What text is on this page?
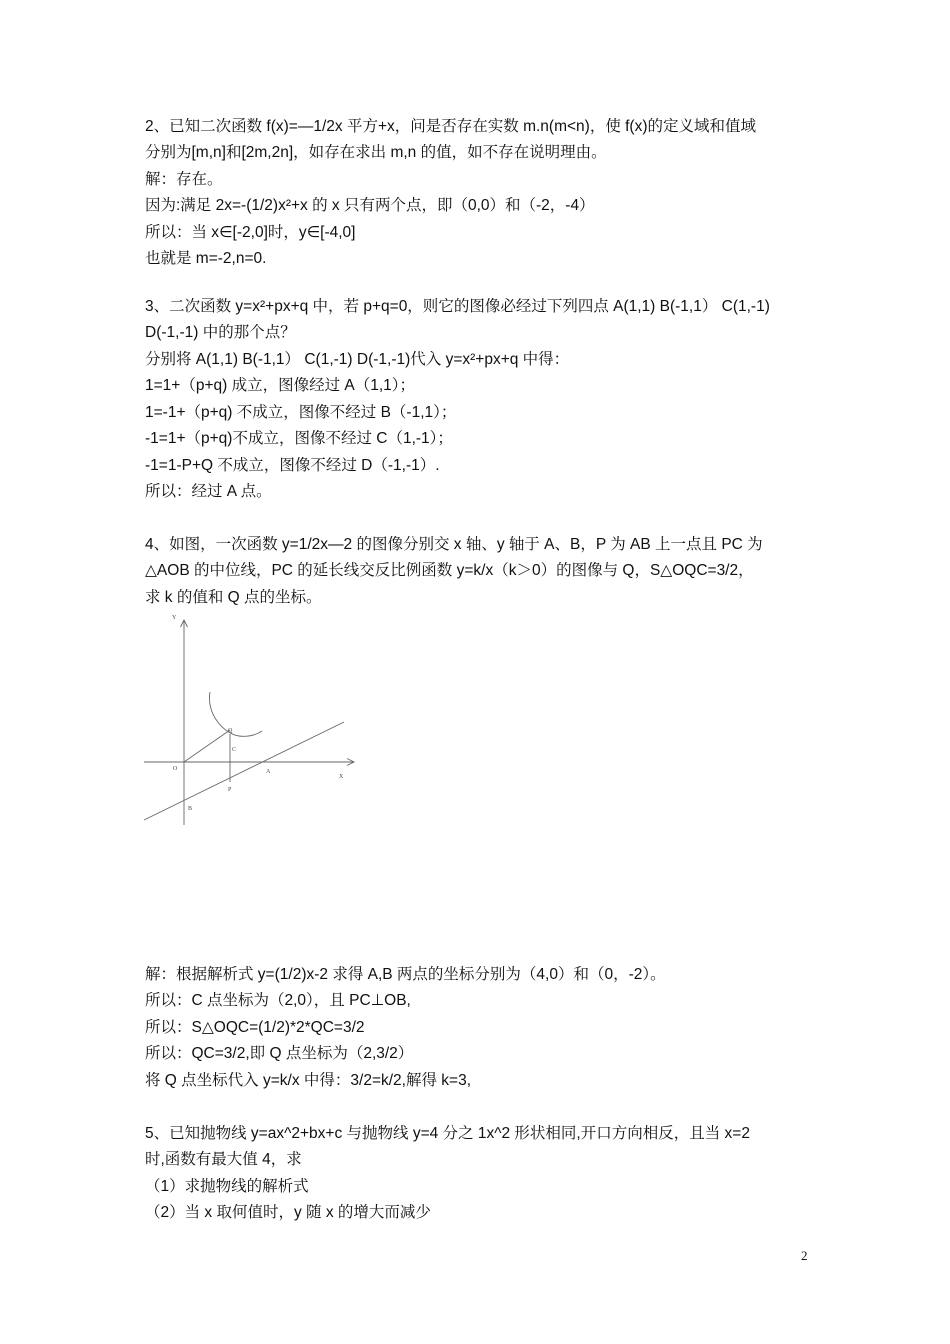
2、已知二次函数 f(x)=—1/2x 平方+x，问是否存在实数 m.n(m<n)，使 f(x)的定义域和值域
分别为[m,n]和[2m,2n]，如存在求出 m,n 的值，如不存在说明理由。
解：存在。
因为:满足 2x=-(1/2)x²+x 的 x 只有两个点，即（0,0）和（-2，-4）
所以：当 x∈[-2,0]时，y∈[-4,0]
也就是 m=-2,n=0.
3、二次函数 y=x²+px+q 中，若 p+q=0，则它的图像必经过下列四点 A(1,1) B(-1,1） C(1,-1)
D(-1,-1) 中的那个点？
分别将 A(1,1) B(-1,1） C(1,-1) D(-1,-1)代入 y=x²+px+q 中得：
1=1+（p+q) 成立，图像经过 A（1,1）；
1=-1+（p+q) 不成立，图像不经过 B（-1,1）；
-1=1+（p+q)不成立，图像不经过 C（1,-1）；
-1=1-P+Q 不成立，图像不经过 D（-1,-1）.
所以：经过 A 点。
4、如图，一次函数 y=1/2x—2 的图像分别交 x 轴、y 轴于 A、B，P 为 AB 上一点且 PC 为
△AOB 的中位线，PC 的延长线交反比例函数 y=k/x（k＞0）的图像与 Q，S△OQC=3/2，
求 k 的值和 Q 点的坐标。
Y
X
O	A
B
C
P
Q
解：根据解析式 y=(1/2)x-2 求得 A,B 两点的坐标分别为（4,0）和（0，-2）。
所以：C 点坐标为（2,0），且 PC⊥OB,
所以：S△OQC=(1/2)*2*QC=3/2
所以：QC=3/2,即 Q 点坐标为（2,3/2）
将 Q 点坐标代入 y=k/x 中得：3/2=k/2,解得 k=3,
5、已知抛物线 y=ax^2+bx+c 与抛物线 y=4 分之 1x^2 形状相同,开口方向相反，且当 x=2
时,函数有最大值 4，求
（1）求抛物线的解析式
（2）当 x 取何值时，y 随 x 的增大而减少
2
